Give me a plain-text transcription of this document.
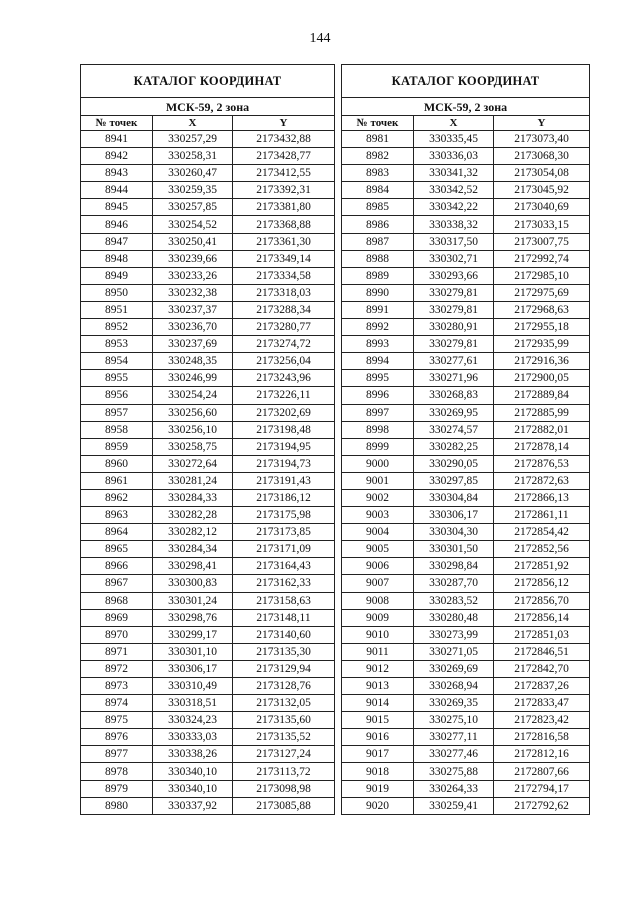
144
КАТАЛОГ КООРДИНАТ		
МСК-59, 2 зона		
№ точек	X	Y
8941	330257,29	2173432,88
8942	330258,31	2173428,77
8943	330260,47	2173412,55
8944	330259,35	2173392,31
8945	330257,85	2173381,80
8946	330254,52	2173368,88
8947	330250,41	2173361,30
8948	330239,66	2173349,14
8949	330233,26	2173334,58
8950	330232,38	2173318,03
8951	330237,37	2173288,34
8952	330236,70	2173280,77
8953	330237,69	2173274,72
8954	330248,35	2173256,04
8955	330246,99	2173243,96
8956	330254,24	2173226,11
8957	330256,60	2173202,69
8958	330256,10	2173198,48
8959	330258,75	2173194,95
8960	330272,64	2173194,73
8961	330281,24	2173191,43
8962	330284,33	2173186,12
8963	330282,28	2173175,98
8964	330282,12	2173173,85
8965	330284,34	2173171,09
8966	330298,41	2173164,43
8967	330300,83	2173162,33
8968	330301,24	2173158,63
8969	330298,76	2173148,11
8970	330299,17	2173140,60
8971	330301,10	2173135,30
8972	330306,17	2173129,94
8973	330310,49	2173128,76
8974	330318,51	2173132,05
8975	330324,23	2173135,60
8976	330333,03	2173135,52
8977	330338,26	2173127,24
8978	330340,10	2173113,72
8979	330340,10	2173098,98
8980	330337,92	2173085,88
КАТАЛОГ КООРДИНАТ		
МСК-59, 2 зона		
№ точек	X	Y
8981	330335,45	2173073,40
8982	330336,03	2173068,30
8983	330341,32	2173054,08
8984	330342,52	2173045,92
8985	330342,22	2173040,69
8986	330338,32	2173033,15
8987	330317,50	2173007,75
8988	330302,71	2172992,74
8989	330293,66	2172985,10
8990	330279,81	2172975,69
8991	330279,81	2172968,63
8992	330280,91	2172955,18
8993	330279,81	2172935,99
8994	330277,61	2172916,36
8995	330271,96	2172900,05
8996	330268,83	2172889,84
8997	330269,95	2172885,99
8998	330274,57	2172882,01
8999	330282,25	2172878,14
9000	330290,05	2172876,53
9001	330297,85	2172872,63
9002	330304,84	2172866,13
9003	330306,17	2172861,11
9004	330304,30	2172854,42
9005	330301,50	2172852,56
9006	330298,84	2172851,92
9007	330287,70	2172856,12
9008	330283,52	2172856,70
9009	330280,48	2172856,14
9010	330273,99	2172851,03
9011	330271,05	2172846,51
9012	330269,69	2172842,70
9013	330268,94	2172837,26
9014	330269,35	2172833,47
9015	330275,10	2172823,42
9016	330277,11	2172816,58
9017	330277,46	2172812,16
9018	330275,88	2172807,66
9019	330264,33	2172794,17
9020	330259,41	2172792,62
